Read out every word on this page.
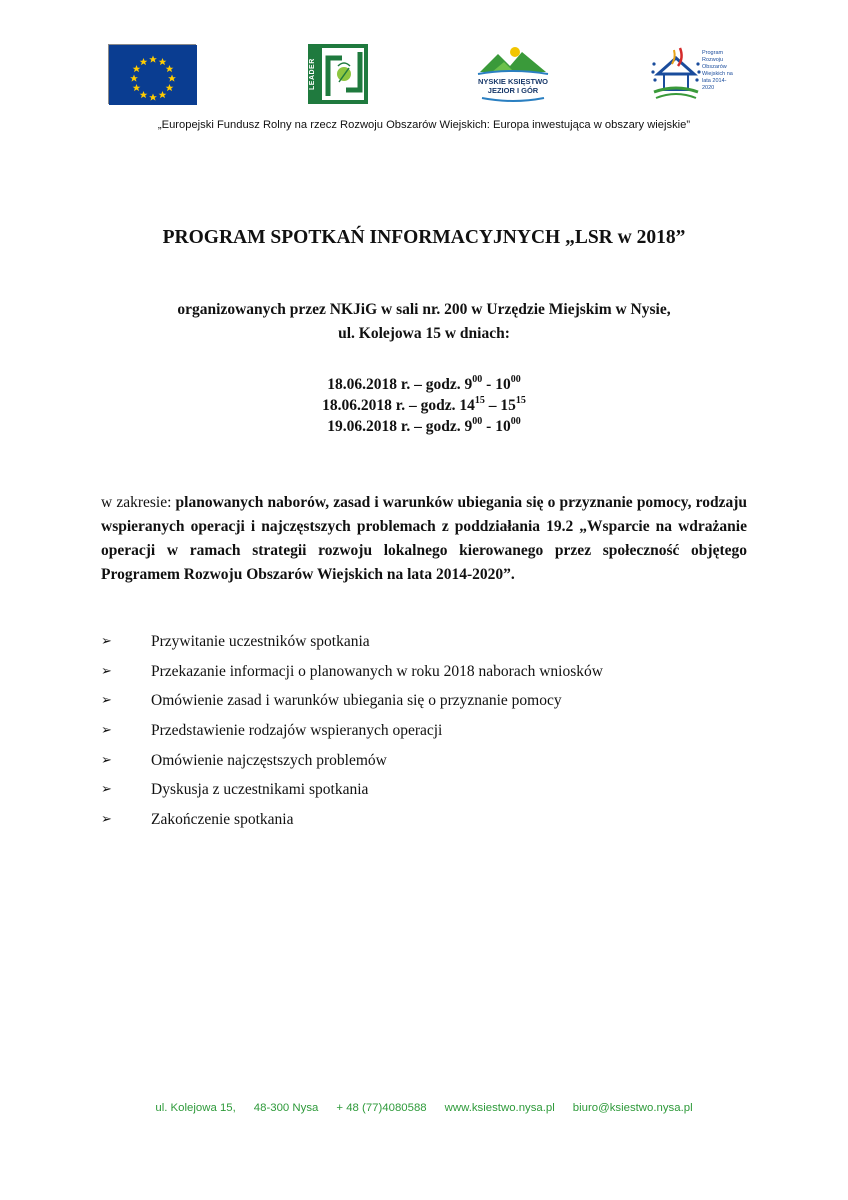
LEADER	NYSKIE KSIĘSTWO
JEZIOR I GÓR
Program Rozwoju Obszarów Wiejskich na lata 2014-2020
„Europejski Fundusz Rolny na rzecz Rozwoju Obszarów Wiejskich: Europa inwestująca w obszary wiejskie”
PROGRAM SPOTKAŃ INFORMACYJNYCH „LSR w 2018”
organizowanych przez NKJiG w sali nr. 200 w Urzędzie Miejskim w Nysie,
ul. Kolejowa 15 w dniach:
18.06.2018 r. – godz. $9^{00} - 10^{00}$
18.06.2018 r. – godz. $14^{15} - 15^{15}$
19.06.2018 r. – godz. $9^{00} - 10^{00}$
w zakresie: planowanych naborów, zasad i warunków ubiegania się o przyznanie pomocy, rodzaju wspieranych operacji i najczęstszych problemach z poddziałania 19.2 „Wsparcie na wdrażanie operacji w ramach strategii rozwoju lokalnego kierowanego przez społeczność objętego Programem Rozwoju Obszarów Wiejskich na lata 2014-2020”.
➢	Przywitanie uczestników spotkania
➢	Przekazanie informacji o planowanych w roku 2018 naborach wniosków
➢	Omówienie zasad i warunków ubiegania się o przyznanie pomocy
➢	Przedstawienie rodzajów wspieranych operacji
➢	Omówienie najczęstszych problemów
➢	Dyskusja z uczestnikami spotkania
➢	Zakończenie spotkania
ul. Kolejowa 15, 48-300 Nysa + 48 (77)4080588 www.ksiestwo.nysa.pl biuro@ksiestwo.nysa.pl
